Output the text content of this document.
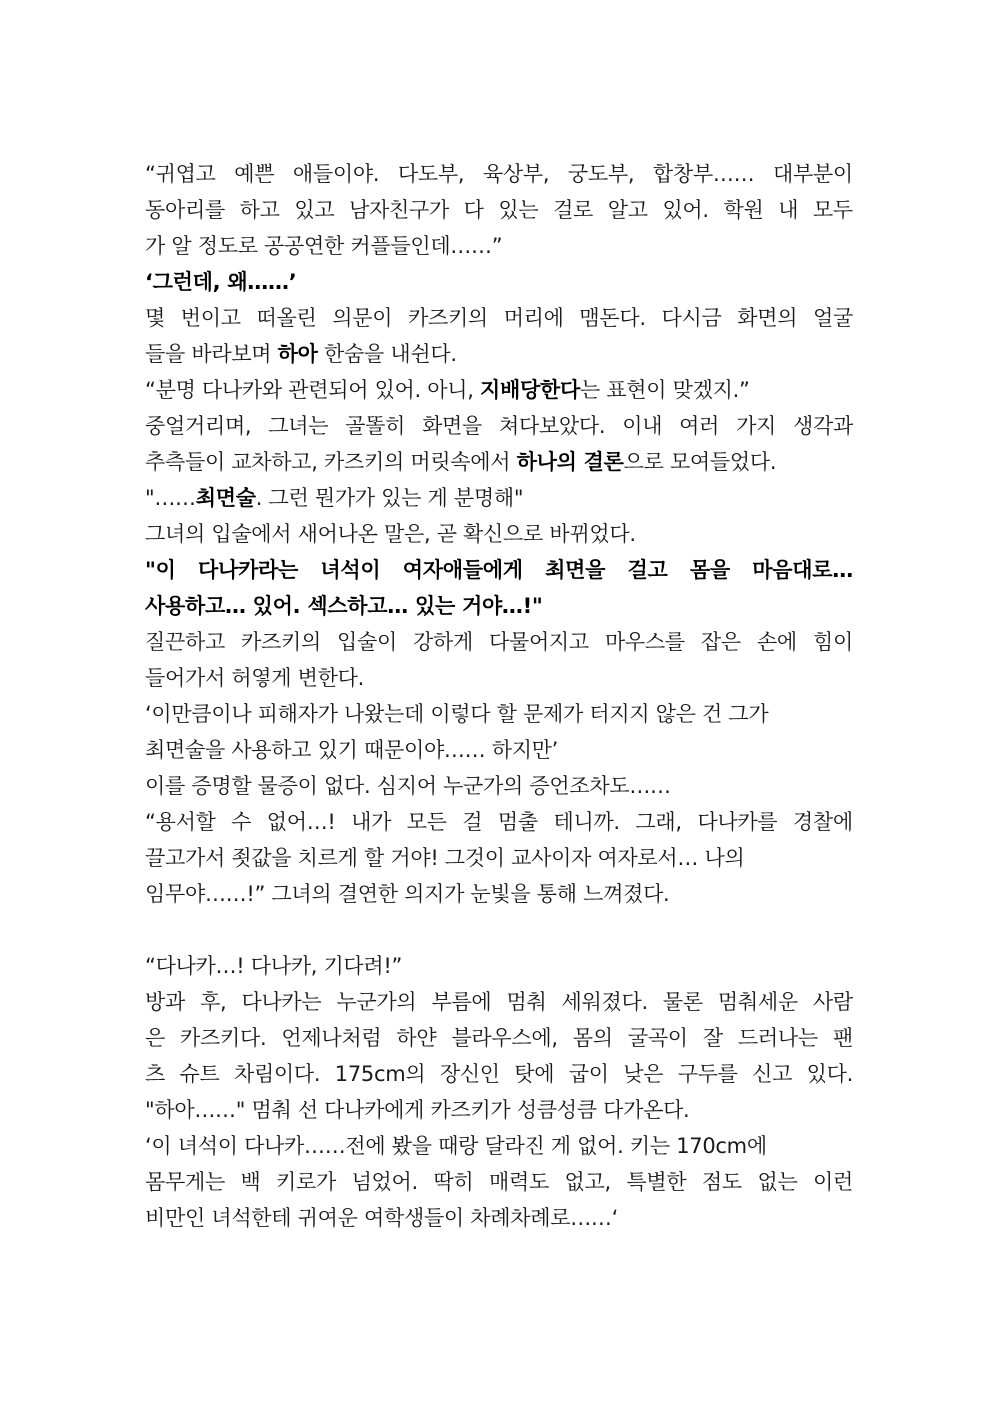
“귀엽고 예쁜 애들이야. 다도부, 육상부, 궁도부, 합창부…… 대부분이
동아리를 하고 있고 남자친구가 다 있는 걸로 알고 있어. 학원 내 모두
가 알 정도로 공공연한 커플들인데……”
‘그런데, 왜……’
몇 번이고 떠올린 의문이 카즈키의 머리에 맴돈다. 다시금 화면의 얼굴
들을 바라보며 하아 한숨을 내쉰다.
“분명 다나카와 관련되어 있어. 아니, 지배당한다는 표현이 맞겠지.”
중얼거리며, 그녀는 골똘히 화면을 쳐다보았다. 이내 여러 가지 생각과
추측들이 교차하고, 카즈키의 머릿속에서 하나의 결론으로 모여들었다.
"……최면술. 그런 뭔가가 있는 게 분명해"
그녀의 입술에서 새어나온 말은, 곧 확신으로 바뀌었다.
"이 다나카라는 녀석이 여자애들에게 최면을 걸고 몸을 마음대로…
사용하고… 있어. 섹스하고… 있는 거야…!"
질끈하고 카즈키의 입술이 강하게 다물어지고 마우스를 잡은 손에 힘이
들어가서 허옇게 변한다.
‘이만큼이나 피해자가 나왔는데 이렇다 할 문제가 터지지 않은 건 그가
최면술을 사용하고 있기 때문이야…… 하지만’
이를 증명할 물증이 없다. 심지어 누군가의 증언조차도……
“용서할 수 없어…! 내가 모든 걸 멈출 테니까. 그래, 다나카를 경찰에
끌고가서 죗값을 치르게 할 거야! 그것이 교사이자 여자로서… 나의
임무야……!” 그녀의 결연한 의지가 눈빛을 통해 느껴졌다.
“다나카…! 다나카, 기다려!”
방과 후, 다나카는 누군가의 부름에 멈춰 세워졌다. 물론 멈춰세운 사람
은 카즈키다. 언제나처럼 하얀 블라우스에, 몸의 굴곡이 잘 드러나는 팬
츠 슈트 차림이다. 175cm의 장신인 탓에 굽이 낮은 구두를 신고 있다.
"하아……" 멈춰 선 다나카에게 카즈키가 성큼성큼 다가온다.
‘이 녀석이 다나카……전에 봤을 때랑 달라진 게 없어. 키는 170cm에
몸무게는 백 키로가 넘었어. 딱히 매력도 없고, 특별한 점도 없는 이런
비만인 녀석한테 귀여운 여학생들이 차례차례로……‘
